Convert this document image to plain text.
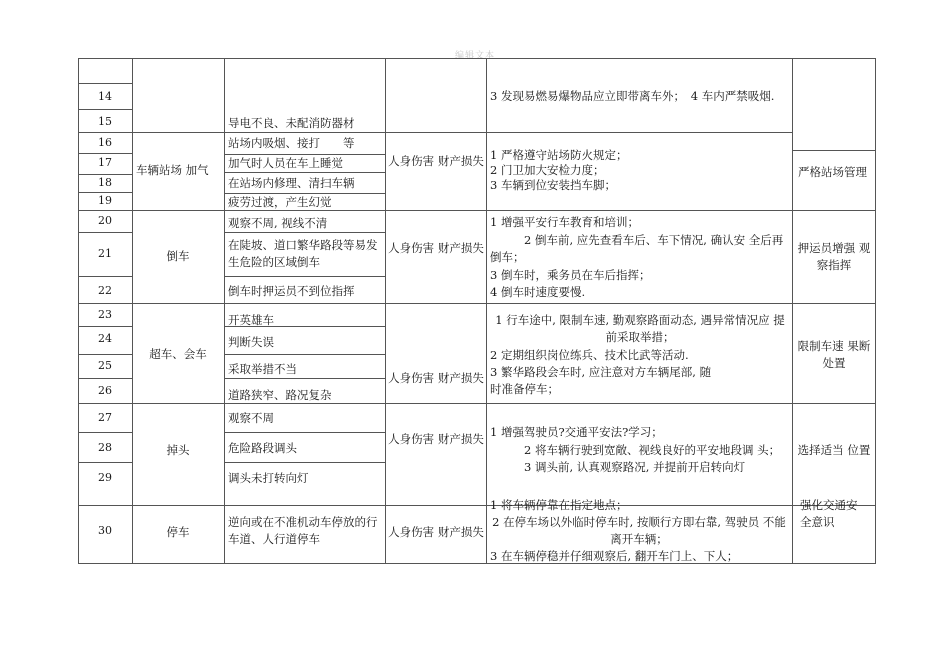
编辑文本
14
15
16
17
18
19
20
21
22
23
24
25
26
27
28
29
30
导电不良、未配消防器材
3 发现易燃易爆物品应立即带离车外；　 4 车内严禁吸烟.
车辆站场 加气
站场内吸烟、接打　　等
加气时人员在车上睡觉
在站场内修理、清扫车辆
疲劳过渡，产生幻觉
人身伤害 财产损失 1 严格遵守站场防火规定；
2 门卫加大安检力度；
3 车辆到位安装挡车脚；
严格站场管理
倒车
观察不周, 视线不清
在陡坡、道口繁华路段等易发 生危险的区域倒车
倒车时押运员不到位指挥
人身伤害 财产损失
1 增强平安行车教育和培训；
2 倒车前, 应先查看车后、车下情况, 确认安 全后再倒车；
3 倒车时，乘务员在车后指挥；
4 倒车时速度要慢.
押运员增强 观察指挥
超车、会车
开英雄车
判断失误
采取举措不当
道路狭窄、路况复杂
人身伤害 财产损失
1 行车途中, 限制车速, 勤观察路面动态, 遇异常情况应 提前采取举措；
2 定期组织岗位练兵、技术比武等活动.
3 繁华路段会车时, 应注意对方车辆尾部, 随时准备停车；
限制车速 果断处置
掉头
观察不周
危险路段调头
调头未打转向灯
人身伤害 财产损失 1 增强驾驶员?交通平安法?学习；
2 将车辆行驶到宽敞、视线良好的平安地段调 头；
3 调头前, 认真观察路况, 并提前开启转向灯
选择适当 位置
停车
逆向或在不准机动车停放的行车道、人行道停车	人身伤害 财产损失
1 将车辆停靠在指定地点；
2 在停车场以外临时停车时, 按顺行方即右靠, 驾驶员 不能离开车辆；
3 在车辆停稳并仔细观察后, 翻开车门上、下人；
强化交通安 全意识
